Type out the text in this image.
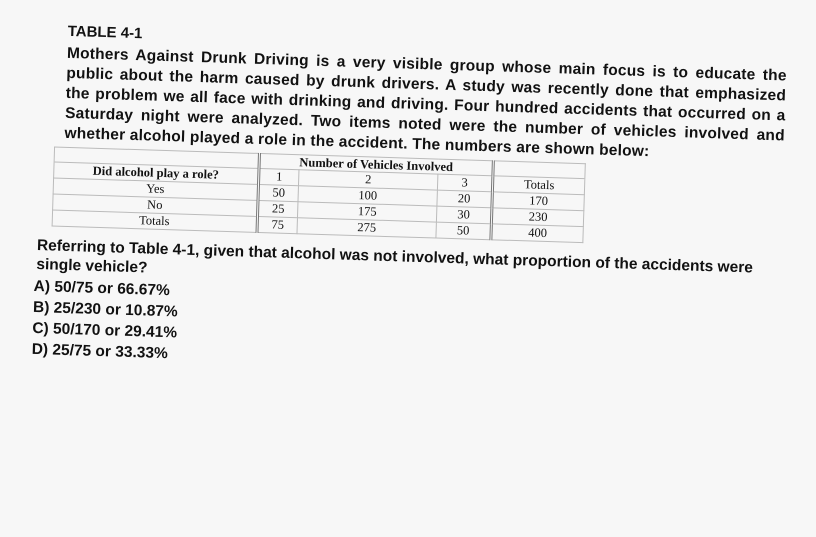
TABLE 4-1
Mothers Against Drunk Driving is a very visible group whose main focus is to educate the public about the harm caused by drunk drivers. A study was recently done that emphasized the problem we all face with drinking and driving. Four hundred accidents that occurred on a Saturday night were analyzed. Two items noted were the number of vehicles involved and whether alcohol played a role in the accident. The numbers are shown below:
	Number of Vehicles Involved			
Did alcohol play a role?	1	2	3	Totals
Yes	50	100	20	170
No	25	175	30	230
Totals	75	275	50	400
Referring to Table 4-1, given that alcohol was not involved, what proportion of the accidents were single vehicle?
A) 50/75 or 66.67%
B) 25/230 or 10.87%
C) 50/170 or 29.41%
D) 25/75 or 33.33%
